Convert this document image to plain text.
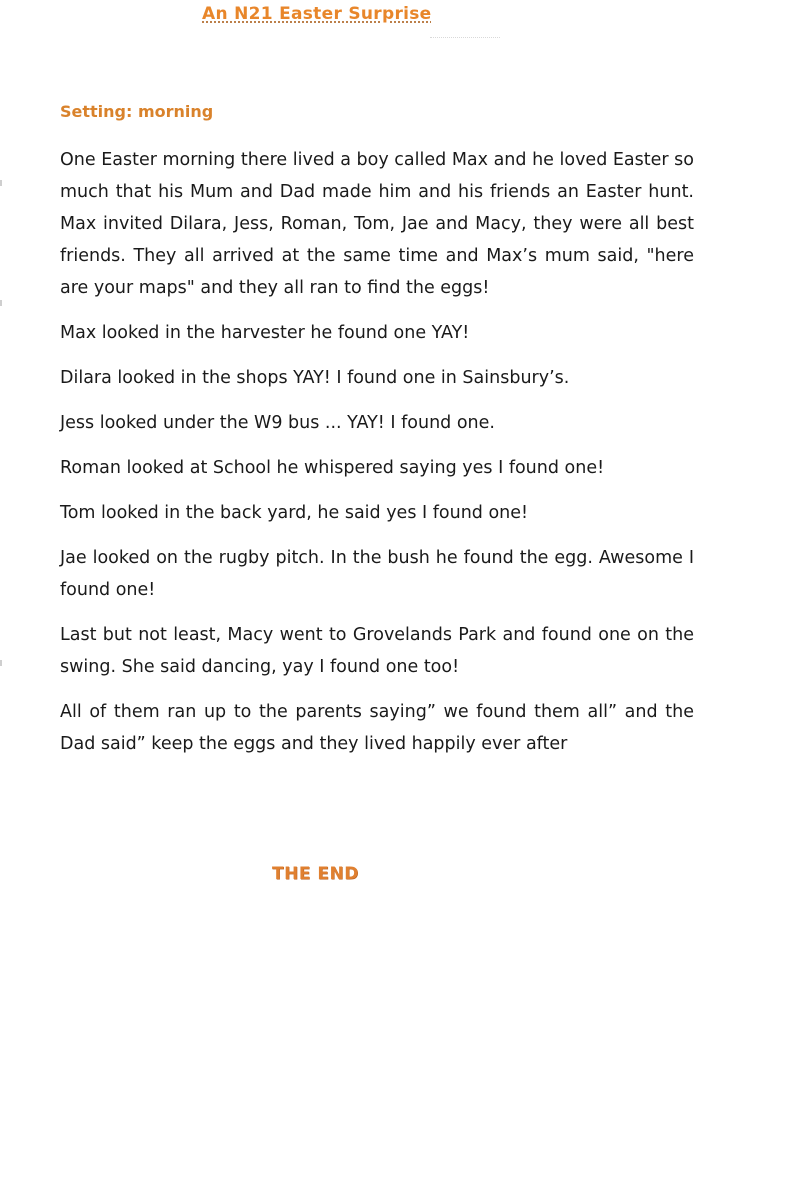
An N21 Easter Surprise
Setting: morning

One Easter morning there lived a boy called Max and he loved Easter so much that his Mum and Dad made him and his friends an Easter hunt. Max invited Dilara, Jess, Roman, Tom, Jae and Macy, they were all best friends. They all arrived at the same time and Max’s mum said, "here are your maps" and they all ran to find the eggs!

Max looked in the harvester he found one YAY!

Dilara looked in the shops YAY! I found one in Sainsbury’s.

Jess looked under the W9 bus ... YAY! I found one.

Roman looked at School he whispered saying yes I found one!

Tom looked in the back yard, he said yes I found one!

Jae looked on the rugby pitch. In the bush he found the egg. Awesome I found one!

Last but not least, Macy went to Grovelands Park and found one on the swing. She said dancing, yay I found one too!

All of them ran up to the parents saying” we found them all” and the Dad said” keep the eggs and they lived happily ever after

THE END
